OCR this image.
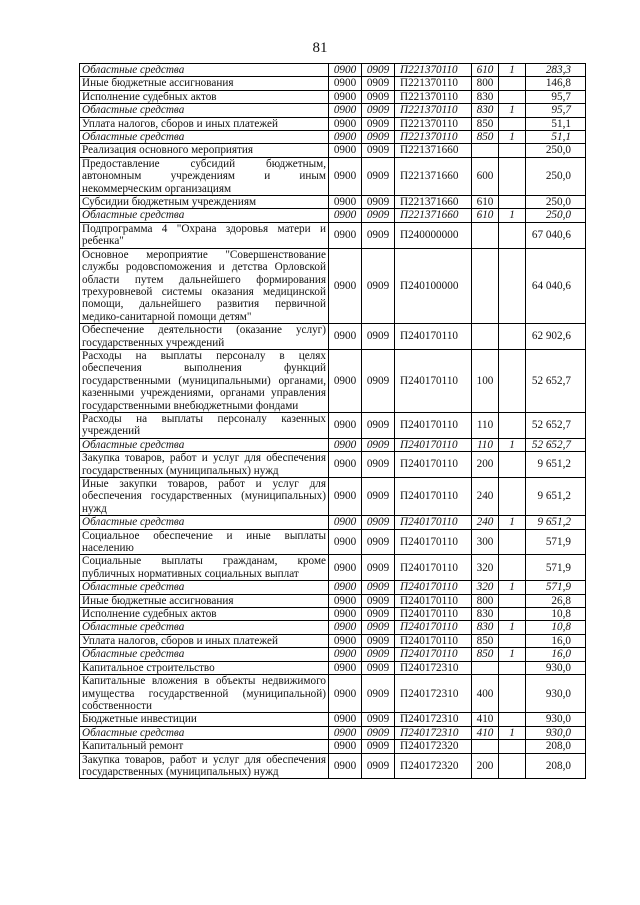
81
Областные средства	0900	0909	П221370110	610	1	283,3
Иные бюджетные ассигнования	0900	0909	П221370110	800		146,8
Исполнение судебных актов	0900	0909	П221370110	830		95,7
Областные средства	0900	0909	П221370110	830	1	95,7
Уплата налогов, сборов и иных платежей	0900	0909	П221370110	850		51,1
Областные средства	0900	0909	П221370110	850	1	51,1
Реализация основного мероприятия	0900	0909	П221371660			250,0
Предоставление субсидий бюджетным, автономным учреждениям и иным некоммерческим организациям	0900	0909	П221371660	600		250,0
Субсидии бюджетным учреждениям	0900	0909	П221371660	610		250,0
Областные средства	0900	0909	П221371660	610	1	250,0
Подпрограмма 4 "Охрана здоровья матери и ребенка"	0900	0909	П240000000			67 040,6
Основное мероприятие "Совершенствование службы родовспоможения и детства Орловской области путем дальнейшего формирования трехуровневой системы оказания медицинской помощи, дальнейшего развития первичной медико-санитарной помощи детям"	0900	0909	П240100000			64 040,6
Обеспечение деятельности (оказание услуг) государственных учреждений	0900	0909	П240170110			62 902,6
Расходы на выплаты персоналу в целях обеспечения выполнения функций государственными (муниципальными) органами, казенными учреждениями, органами управления государственными внебюджетными фондами	0900	0909	П240170110	100		52 652,7
Расходы на выплаты персоналу казенных учреждений	0900	0909	П240170110	110		52 652,7
Областные средства	0900	0909	П240170110	110	1	52 652,7
Закупка товаров, работ и услуг для обеспечения государственных (муниципальных) нужд	0900	0909	П240170110	200		9 651,2
Иные закупки товаров, работ и услуг для обеспечения государственных (муниципальных) нужд	0900	0909	П240170110	240		9 651,2
Областные средства	0900	0909	П240170110	240	1	9 651,2
Социальное обеспечение и иные выплаты населению	0900	0909	П240170110	300		571,9
Социальные выплаты гражданам, кроме публичных нормативных социальных выплат	0900	0909	П240170110	320		571,9
Областные средства	0900	0909	П240170110	320	1	571,9
Иные бюджетные ассигнования	0900	0909	П240170110	800		26,8
Исполнение судебных актов	0900	0909	П240170110	830		10,8
Областные средства	0900	0909	П240170110	830	1	10,8
Уплата налогов, сборов и иных платежей	0900	0909	П240170110	850		16,0
Областные средства	0900	0909	П240170110	850	1	16,0
Капитальное строительство	0900	0909	П240172310			930,0
Капитальные вложения в объекты недвижимого имущества государственной (муниципальной) собственности	0900	0909	П240172310	400		930,0
Бюджетные инвестиции	0900	0909	П240172310	410		930,0
Областные средства	0900	0909	П240172310	410	1	930,0
Капитальный ремонт	0900	0909	П240172320			208,0
Закупка товаров, работ и услуг для обеспечения государственных (муниципальных) нужд	0900	0909	П240172320	200		208,0
